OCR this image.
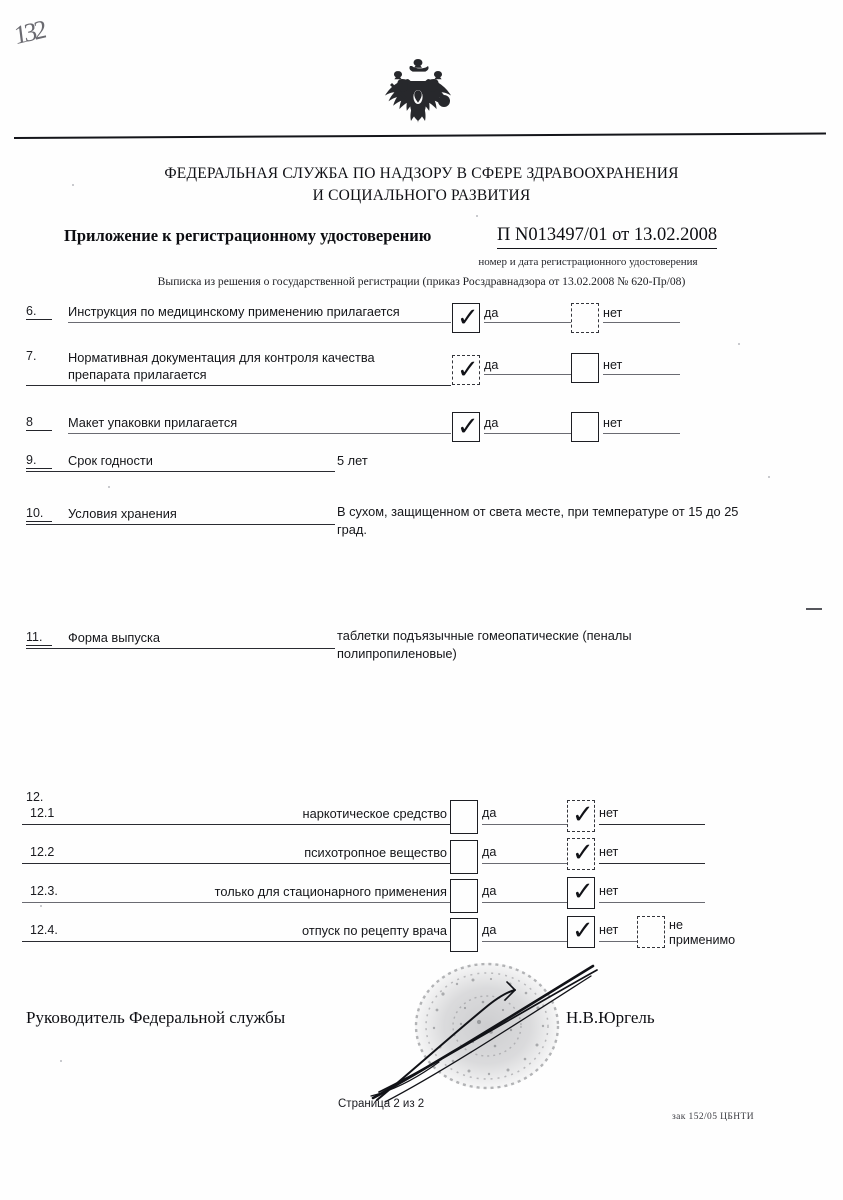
132
ФЕДЕРАЛЬНАЯ СЛУЖБА ПО НАДЗОРУ В СФЕРЕ ЗДРАВООХРАНЕНИЯ
И СОЦИАЛЬНОГО РАЗВИТИЯ
Приложение к регистрационному удостоверению	П N013497/01 от 13.02.2008
номер и дата регистрационного удостоверения
Выписка из решения о государственной регистрации (приказ Росздравнадзора от 13.02.2008 № 620-Пр/08)
6.	Инструкция по медицинскому применению прилагается ✓ да	нет
7.	Нормативная документация для контроля качества
препарата прилагается	✓ да	нет
8	Макет упаковки прилагается	✓ да	нет
9.	Срок годности	5 лет
10.	Условия хранения	В сухом, защищенном от света месте, при температуре от 15 до 25
град.
11.	Форма выпуска	таблетки подъязычные гомеопатические (пеналы
полипропиленовые)
12.
12.1	наркотическое средство	да	✓ нет
12.2	психотропное вещество	да	✓ нет
12.3.	только для стационарного применения	да	✓ нет
12.4.	отпуск по рецепту врача	да	✓ нет	не применимо
Руководитель Федеральной службы	Н.В.Юргель
Страница 2 из 2
зак 152/05 ЦБНТИ
